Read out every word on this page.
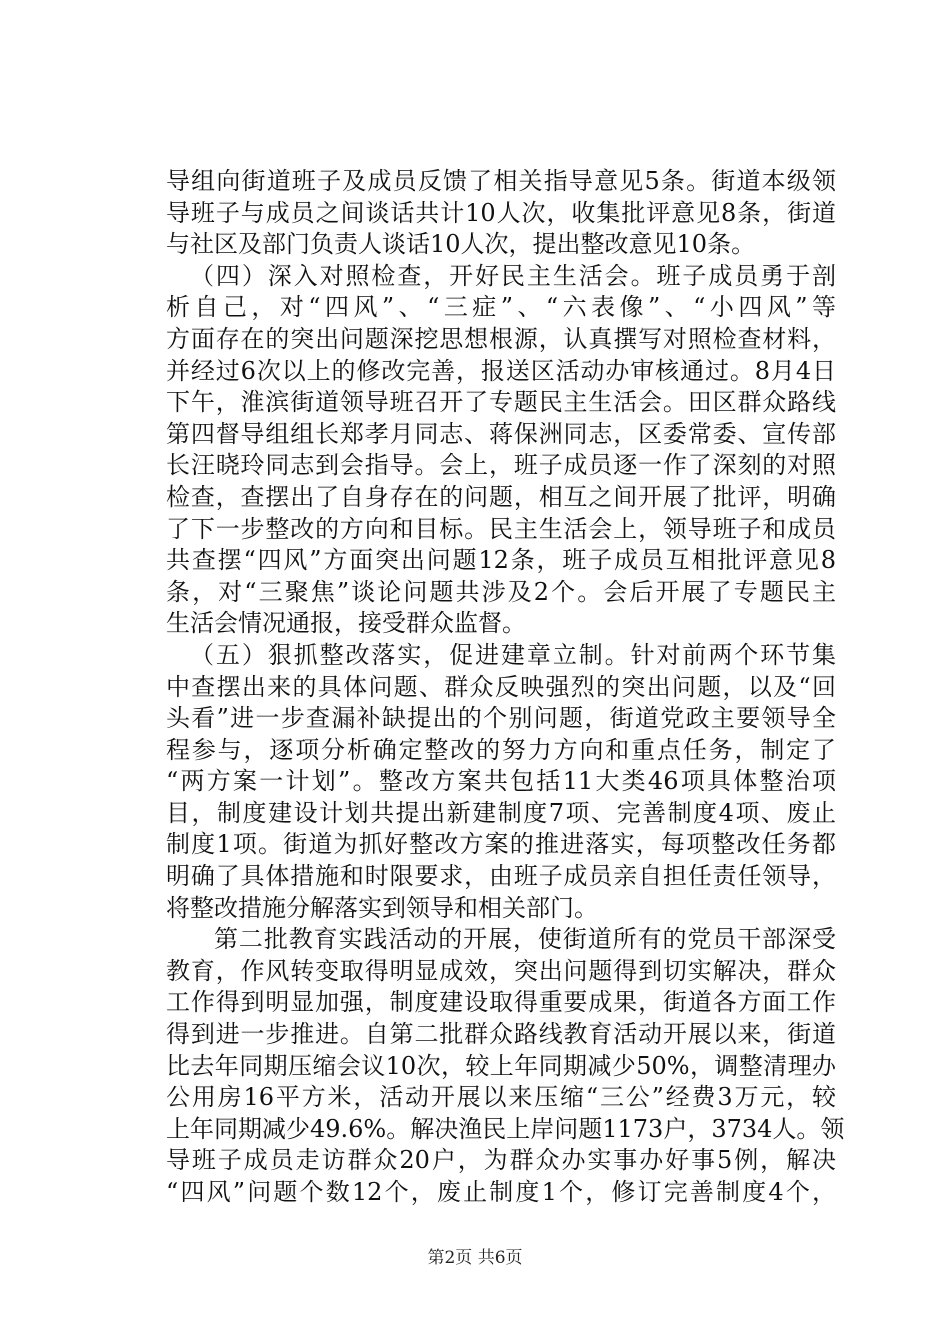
导组向街道班子及成员反馈了相关指导意见5条。街道本级领
导班子与成员之间谈话共计10人次，收集批评意见8条，街道
与社区及部门负责人谈话10人次，提出整改意见10条。
（四）深入对照检查，开好民主生活会。班子成员勇于剖
析自己，对“四风”、“三症”、“六表像”、“小四风”等
方面存在的突出问题深挖思想根源，认真撰写对照检查材料，
并经过6次以上的修改完善，报送区活动办审核通过。8月4日
下午，淮滨街道领导班召开了专题民主生活会。田区群众路线
第四督导组组长郑孝月同志、蒋保洲同志，区委常委、宣传部
长汪晓玲同志到会指导。会上，班子成员逐一作了深刻的对照
检查，查摆出了自身存在的问题，相互之间开展了批评，明确
了下一步整改的方向和目标。民主生活会上，领导班子和成员
共查摆“四风”方面突出问题12条，班子成员互相批评意见8
条，对“三聚焦”谈论问题共涉及2个。会后开展了专题民主
生活会情况通报，接受群众监督。
（五）狠抓整改落实，促进建章立制。针对前两个环节集
中查摆出来的具体问题、群众反映强烈的突出问题，以及“回
头看”进一步查漏补缺提出的个别问题，街道党政主要领导全
程参与，逐项分析确定整改的努力方向和重点任务，制定了
“两方案一计划”。整改方案共包括11大类46项具体整治项
目，制度建设计划共提出新建制度7项、完善制度4项、废止
制度1项。街道为抓好整改方案的推进落实，每项整改任务都
明确了具体措施和时限要求，由班子成员亲自担任责任领导，
将整改措施分解落实到领导和相关部门。
第二批教育实践活动的开展，使街道所有的党员干部深受
教育，作风转变取得明显成效，突出问题得到切实解决，群众
工作得到明显加强，制度建设取得重要成果，街道各方面工作
得到进一步推进。自第二批群众路线教育活动开展以来，街道
比去年同期压缩会议10次，较上年同期减少50%，调整清理办
公用房16平方米，活动开展以来压缩“三公”经费3万元，较
上年同期减少49.6%。解决渔民上岸问题1173户，3734人。领
导班子成员走访群众20户，为群众办实事办好事5例，解决
“四风”问题个数12个，废止制度1个，修订完善制度4个，
第2页 共6页
